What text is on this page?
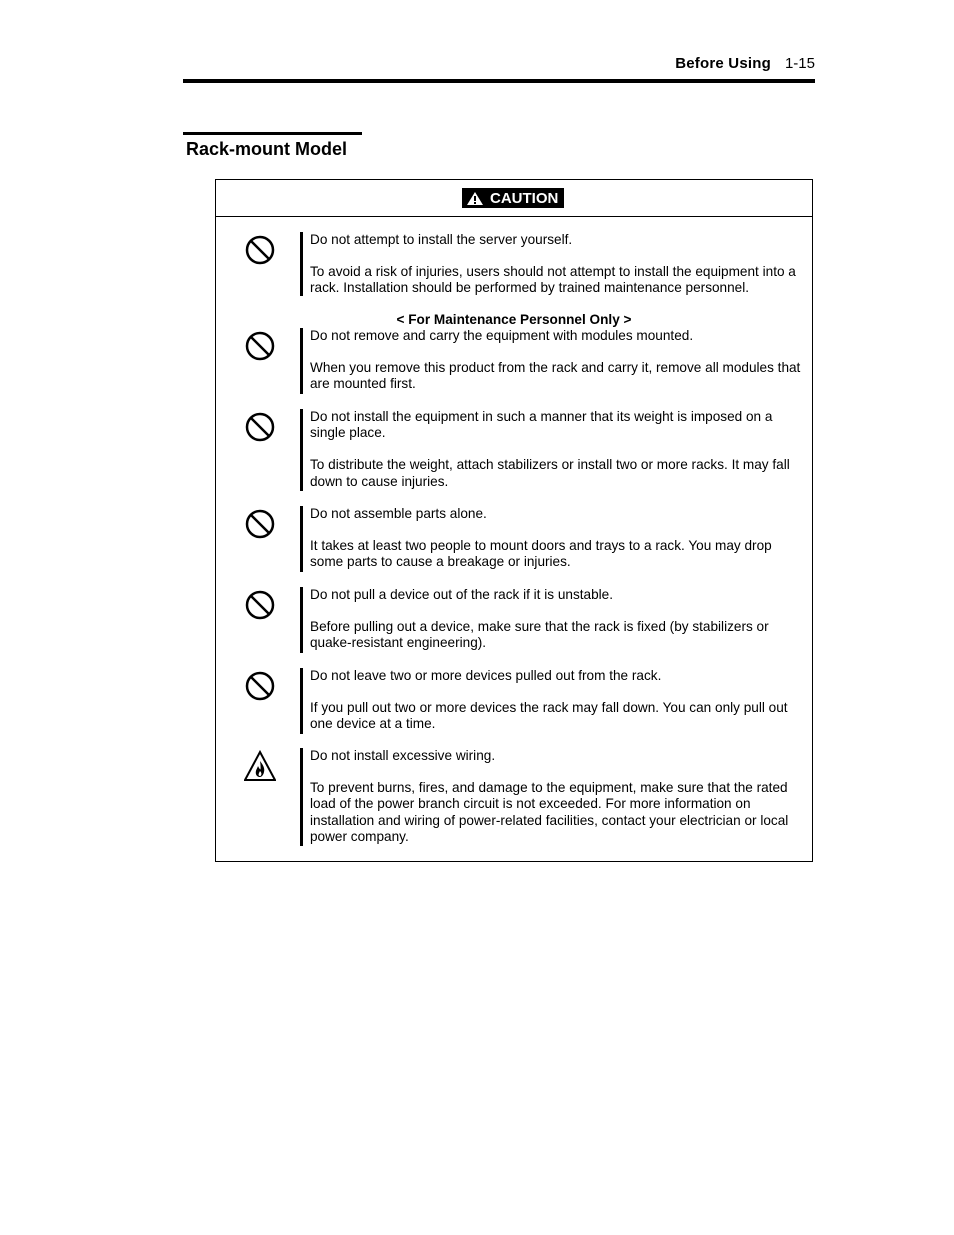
Before Using 1-15
Rack-mount Model
CAUTION

Do not attempt to install the server yourself.

To avoid a risk of injuries, users should not attempt to install the equipment into a rack. Installation should be performed by trained maintenance personnel.

< For Maintenance Personnel Only >

Do not remove and carry the equipment with modules mounted.

When you remove this product from the rack and carry it, remove all modules that are mounted first.

Do not install the equipment in such a manner that its weight is imposed on a single place.

To distribute the weight, attach stabilizers or install two or more racks. It may fall down to cause injuries.

Do not assemble parts alone.

It takes at least two people to mount doors and trays to a rack. You may drop some parts to cause a breakage or injuries.

Do not pull a device out of the rack if it is unstable.

Before pulling out a device, make sure that the rack is fixed (by stabilizers or quake-resistant engineering).

Do not leave two or more devices pulled out from the rack.

If you pull out two or more devices the rack may fall down. You can only pull out one device at a time.

Do not install excessive wiring.

To prevent burns, fires, and damage to the equipment, make sure that the rated load of the power branch circuit is not exceeded. For more information on installation and wiring of power-related facilities, contact your electrician or local power company.
